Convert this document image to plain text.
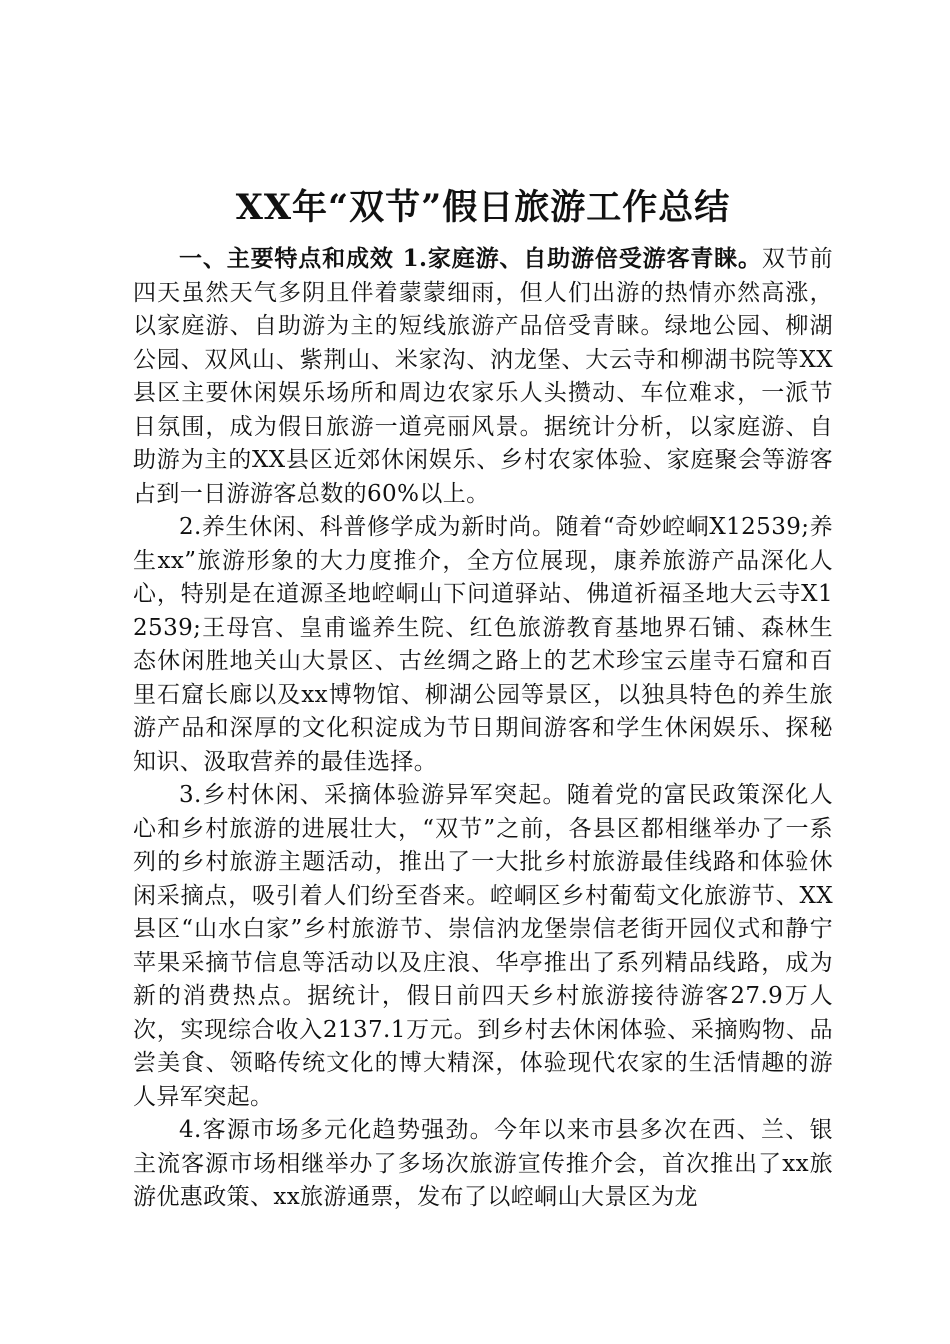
XX年“双节”假日旅游工作总结

一、主要特点和成效 1.家庭游、自助游倍受游客青睐。双节前四天虽然天气多阴且伴着蒙蒙细雨，但人们出游的热情亦然高涨，以家庭游、自助游为主的短线旅游产品倍受青睐。绿地公园、柳湖公园、双风山、紫荆山、米家沟、汭龙堡、大云寺和柳湖书院等XX县区主要休闲娱乐场所和周边农家乐人头攒动、车位难求，一派节日氛围，成为假日旅游一道亮丽风景。据统计分析，以家庭游、自助游为主的XX县区近郊休闲娱乐、乡村农家体验、家庭聚会等游客占到一日游游客总数的60%以上。

2.养生休闲、科普修学成为新时尚。随着“奇妙崆峒X12539;养生xx”旅游形象的大力度推介，全方位展现，康养旅游产品深化人心，特别是在道源圣地崆峒山下问道驿站、佛道祈福圣地大云寺X12539;王母宫、皇甫谧养生院、红色旅游教育基地界石铺、森林生态休闲胜地关山大景区、古丝绸之路上的艺术珍宝云崖寺石窟和百里石窟长廊以及xx博物馆、柳湖公园等景区，以独具特色的养生旅游产品和深厚的文化积淀成为节日期间游客和学生休闲娱乐、探秘知识、汲取营养的最佳选择。

3.乡村休闲、采摘体验游异军突起。随着党的富民政策深化人心和乡村旅游的进展壮大，“双节”之前，各县区都相继举办了一系列的乡村旅游主题活动，推出了一大批乡村旅游最佳线路和体验休闲采摘点，吸引着人们纷至沓来。崆峒区乡村葡萄文化旅游节、XX县区“山水白家”乡村旅游节、崇信汭龙堡崇信老街开园仪式和静宁苹果采摘节信息等活动以及庄浪、华亭推出了系列精品线路，成为新的消费热点。据统计，假日前四天乡村旅游接待游客27.9万人次，实现综合收入2137.1万元。到乡村去休闲体验、采摘购物、品尝美食、领略传统文化的博大精深，体验现代农家的生活情趣的游人异军突起。

4.客源市场多元化趋势强劲。今年以来市县多次在西、兰、银主流客源市场相继举办了多场次旅游宣传推介会，首次推出了xx旅游优惠政策、xx旅游通票，发布了以崆峒山大景区为龙
